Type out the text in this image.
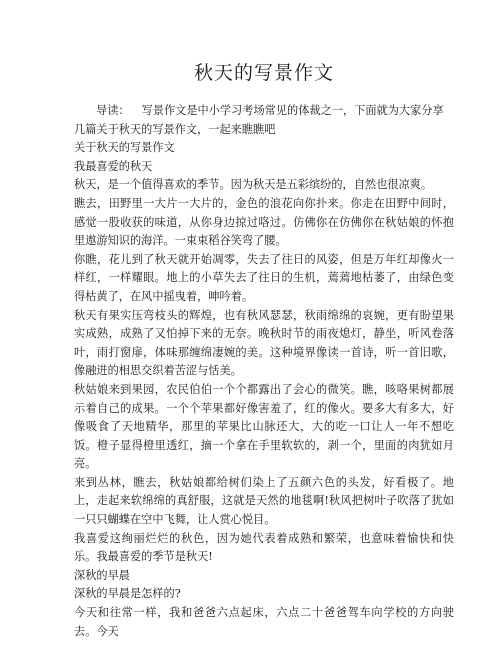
秋天的写景作文

导读： 写景作文是中小学习考场常见的体裁之一，下面就为大家分享几篇关于秋天的写景作文，一起来瞧瞧吧

关于秋天的写景作文

我最喜爱的秋天

秋天，是一个值得喜欢的季节。因为秋天是五彩缤纷的，自然也很凉爽。

瞧去，田野里一大片一大片的，金色的浪花向你扑来。你走在田野中间时，感觉一股收获的味道，从你身边掠过咯过。仿佛你在仿佛你在秋姑娘的怀抱里遨游知识的海洋。一束束稻谷笑弯了腰。

你瞧，花儿到了秋天就开始凋零，失去了往日的风姿，但是万年红却像火一样红，一样耀眼。地上的小草失去了往日的生机，蔫蔫地枯萎了，由绿色变得枯黄了，在风中摇曳着，呻吟着。

秋天有果实压弯枝头的辉煌，也有秋风瑟瑟，秋雨绵绵的哀婉，更有盼望果实成熟，成熟了又怕掉下来的无奈。晚秋时节的雨夜熄灯，静坐，听风卷落叶，雨打窗扉，体味那缠绵凄婉的美。这种境界像读一首诗，听一首旧歌，像融进的相思交织着苦涩与恬美。

秋姑娘来到果园，农民伯伯一个个都露出了会心的微笑。瞧，咳咯果树都展示着自己的成果。一个个苹果都好像害羞了，红的像火。要多大有多大，好像吸食了天地精华，那里的苹果比山脉还大，大的吃一口让人一年不想吃饭。橙子显得橙里透红，摘一个拿在手里软软的，剥一个，里面的肉犹如月亮。

来到丛林，瞧去，秋姑娘都给树们染上了五颜六色的头发，好看极了。地上，走起来软绵绵的真舒服，这就是天然的地毯啊!秋风把树叶子吹落了犹如一只只蝴蝶在空中飞舞，让人赏心悦目。

我喜爱这绚丽烂烂的秋色，因为她代表着成熟和繁荣，也意味着愉快和快乐。我最喜爱的季节是秋天!

深秋的早晨

深秋的早晨是怎样的?

今天和往常一样，我和爸爸六点起床，六点二十爸爸驾车向学校的方向驶去。今天
